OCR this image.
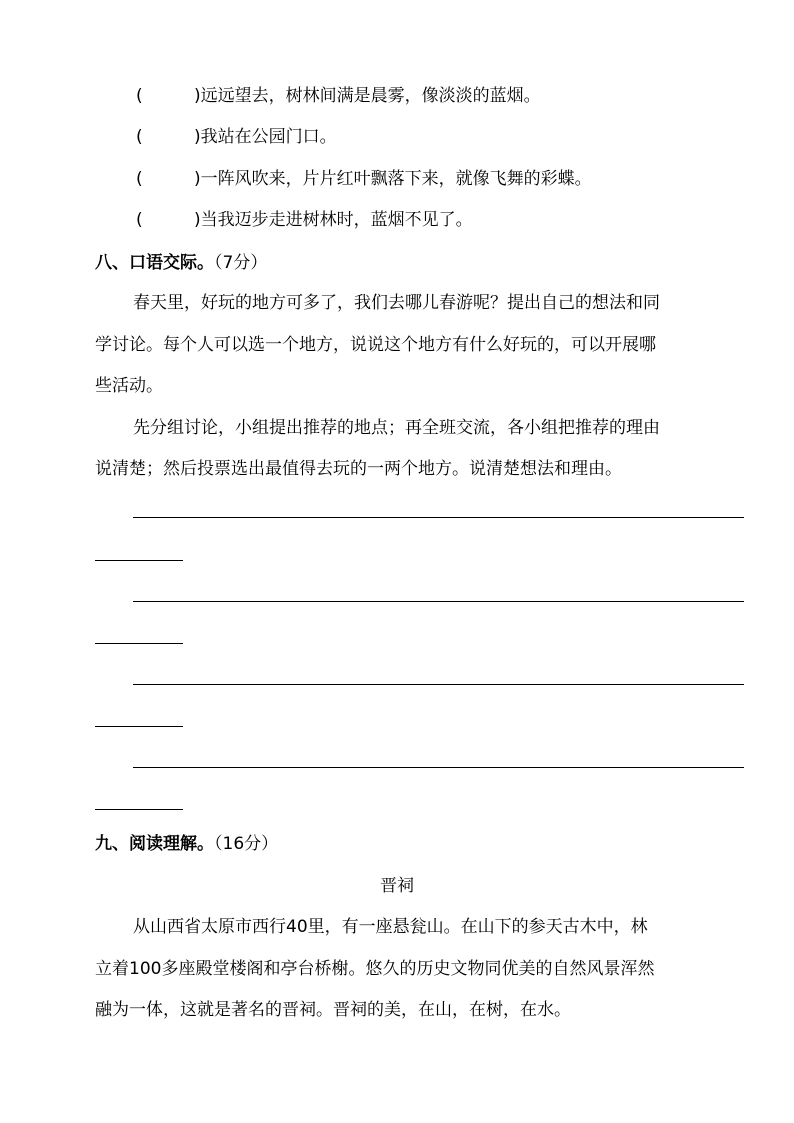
(	)远远望去，树林间满是晨雾，像淡淡的蓝烟。
(	)我站在公园门口。
(	)一阵风吹来，片片红叶飘落下来，就像飞舞的彩蝶。
(	)当我迈步走进树林时，蓝烟不见了。
八、口语交际。（7分）
春天里，好玩的地方可多了，我们去哪儿春游呢？提出自己的想法和同
学讨论。每个人可以选一个地方，说说这个地方有什么好玩的，可以开展哪
些活动。
先分组讨论，小组提出推荐的地点；再全班交流，各小组把推荐的理由
说清楚；然后投票选出最值得去玩的一两个地方。说清楚想法和理由。
九、阅读理解。（16分）
晋祠
从山西省太原市西行40里，有一座悬瓮山。在山下的参天古木中，林
立着100多座殿堂楼阁和亭台桥榭。悠久的历史文物同优美的自然风景浑然
融为一体，这就是著名的晋祠。晋祠的美，在山，在树，在水。
